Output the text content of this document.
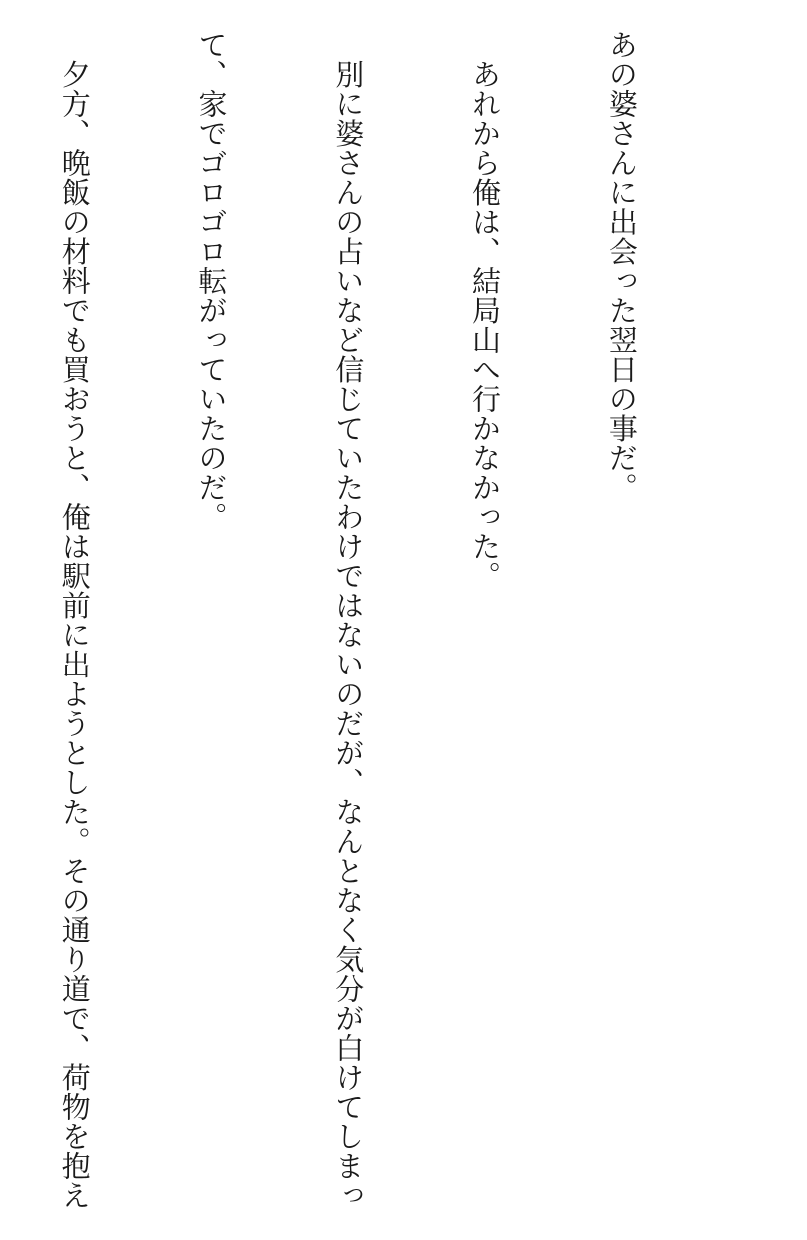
あの婆さんに出会った翌日の事だ。

　あれから俺は、結局山へ行かなかった。

　別に婆さんの占いなど信じていたわけではないのだが、なんとなく気分が白けてしまっ

て、家でゴロゴロ転がっていたのだ。

　夕方、晩飯の材料でも買おうと、俺は駅前に出ようとした。その通り道で、荷物を抱え
